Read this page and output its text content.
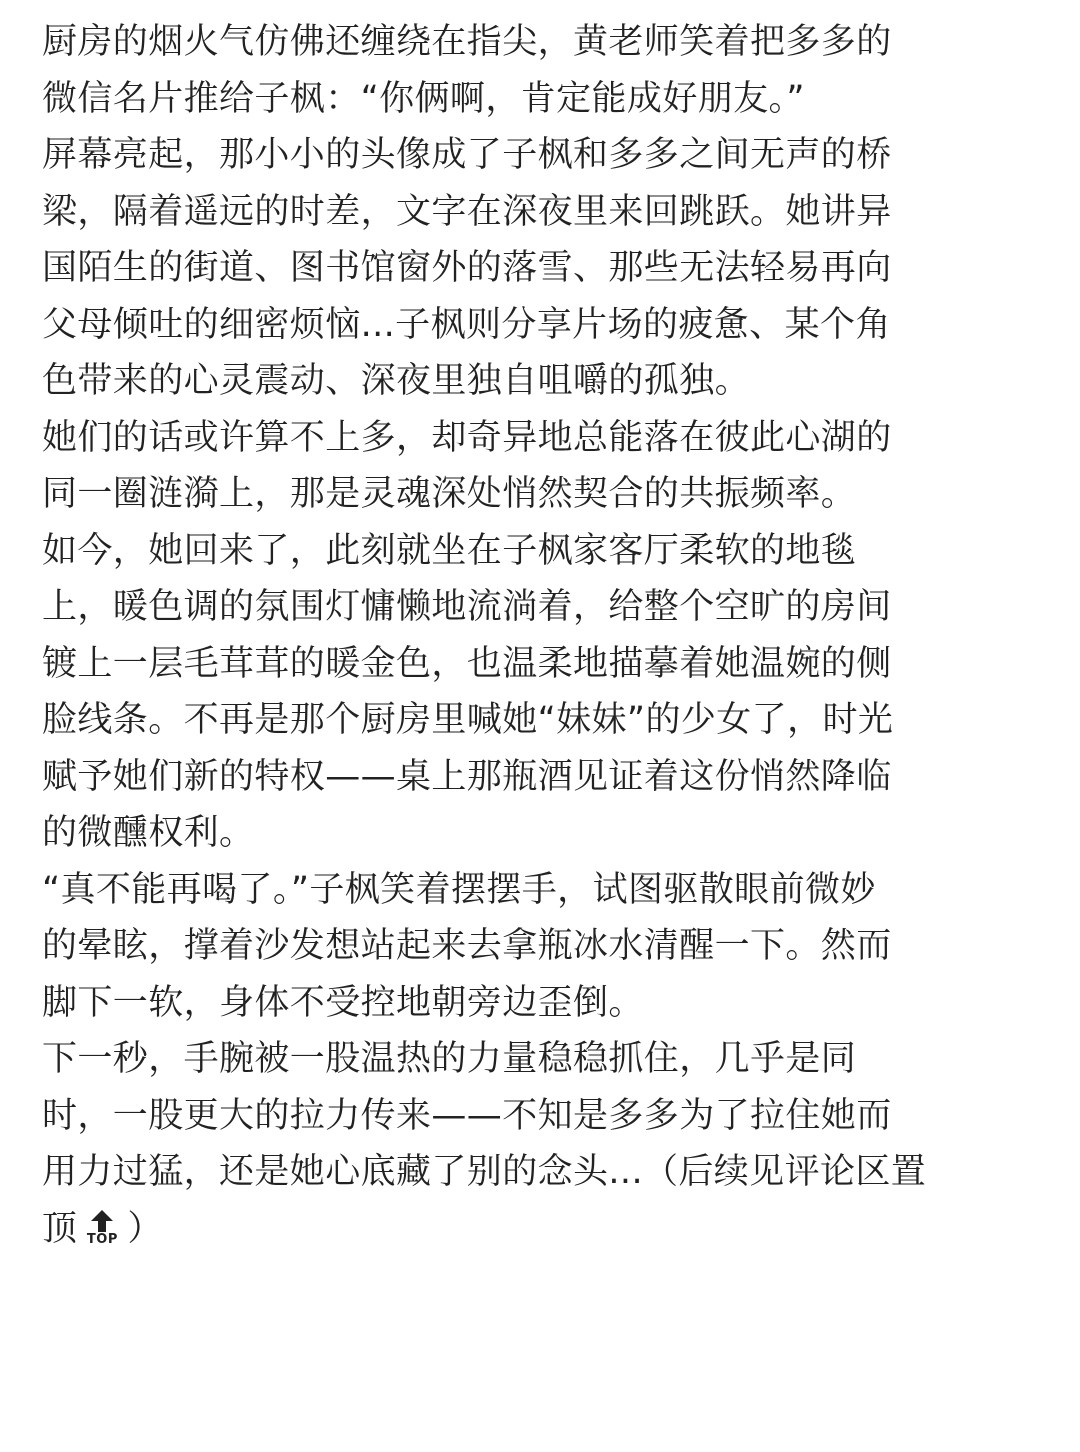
厨房的烟火气仿佛还缠绕在指尖，黄老师笑着把多多的
微信名片推给子枫：“你俩啊，肯定能成好朋友。”

屏幕亮起，那小小的头像成了子枫和多多之间无声的桥
梁，隔着遥远的时差，文字在深夜里来回跳跃。她讲异
国陌生的街道、图书馆窗外的落雪、那些无法轻易再向
父母倾吐的细密烦恼...子枫则分享片场的疲惫、某个角
色带来的心灵震动、深夜里独自咀嚼的孤独。

她们的话或许算不上多，却奇异地总能落在彼此心湖的
同一圈涟漪上，那是灵魂深处悄然契合的共振频率。

如今，她回来了，此刻就坐在子枫家客厅柔软的地毯
上，暖色调的氛围灯慵懒地流淌着，给整个空旷的房间
镀上一层毛茸茸的暖金色，也温柔地描摹着她温婉的侧
脸线条。不再是那个厨房里喊她“妹妹”的少女了，时光
赋予她们新的特权——桌上那瓶酒见证着这份悄然降临
的微醺权利。

“真不能再喝了。”子枫笑着摆摆手，试图驱散眼前微妙
的晕眩，撑着沙发想站起来去拿瓶冰水清醒一下。然而
脚下一软，身体不受控地朝旁边歪倒。

下一秒，手腕被一股温热的力量稳稳抓住，几乎是同
时，一股更大的拉力传来——不知是多多为了拉住她而
用力过猛，还是她心底藏了别的念头...（后续见评论区置
顶 TOP ）
